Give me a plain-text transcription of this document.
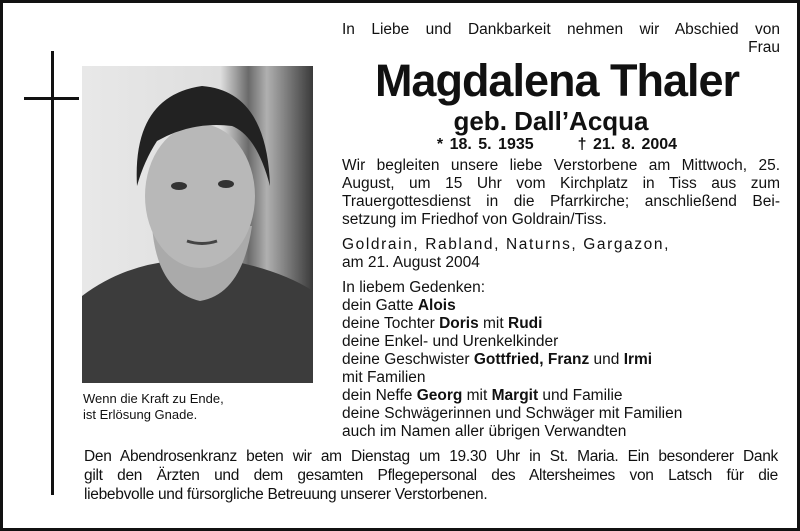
Wenn die Kraft zu Ende,
ist Erlösung Gnade.
In Liebe und Dankbarkeit nehmen wir Abschied von
Frau
Magdalena Thaler
geb. Dall’Acqua
* 18. 5. 1935	† 21. 8. 2004
Wir begleiten unsere liebe Verstorbene am Mittwoch, 25.
August, um 15 Uhr vom Kirchplatz in Tiss aus zum
Trauergottesdienst in die Pfarrkirche; anschließend Bei-
setzung im Friedhof von Goldrain/Tiss.
Goldrain, Rabland, Naturns, Gargazon,
am 21. August 2004
In liebem Gedenken:
dein Gatte Alois
deine Tochter Doris mit Rudi
deine Enkel- und Urenkelkinder
deine Geschwister Gottfried, Franz und Irmi
mit Familien
dein Neffe Georg mit Margit und Familie
deine Schwägerinnen und Schwäger mit Familien
auch im Namen aller übrigen Verwandten
Den Abendrosenkranz beten wir am Dienstag um 19.30 Uhr in St. Maria. Ein besonderer Dank
gilt den Ärzten und dem gesamten Pflegepersonal des Altersheimes von Latsch für die
liebebvolle und fürsorgliche Betreuung unserer Verstorbenen.
